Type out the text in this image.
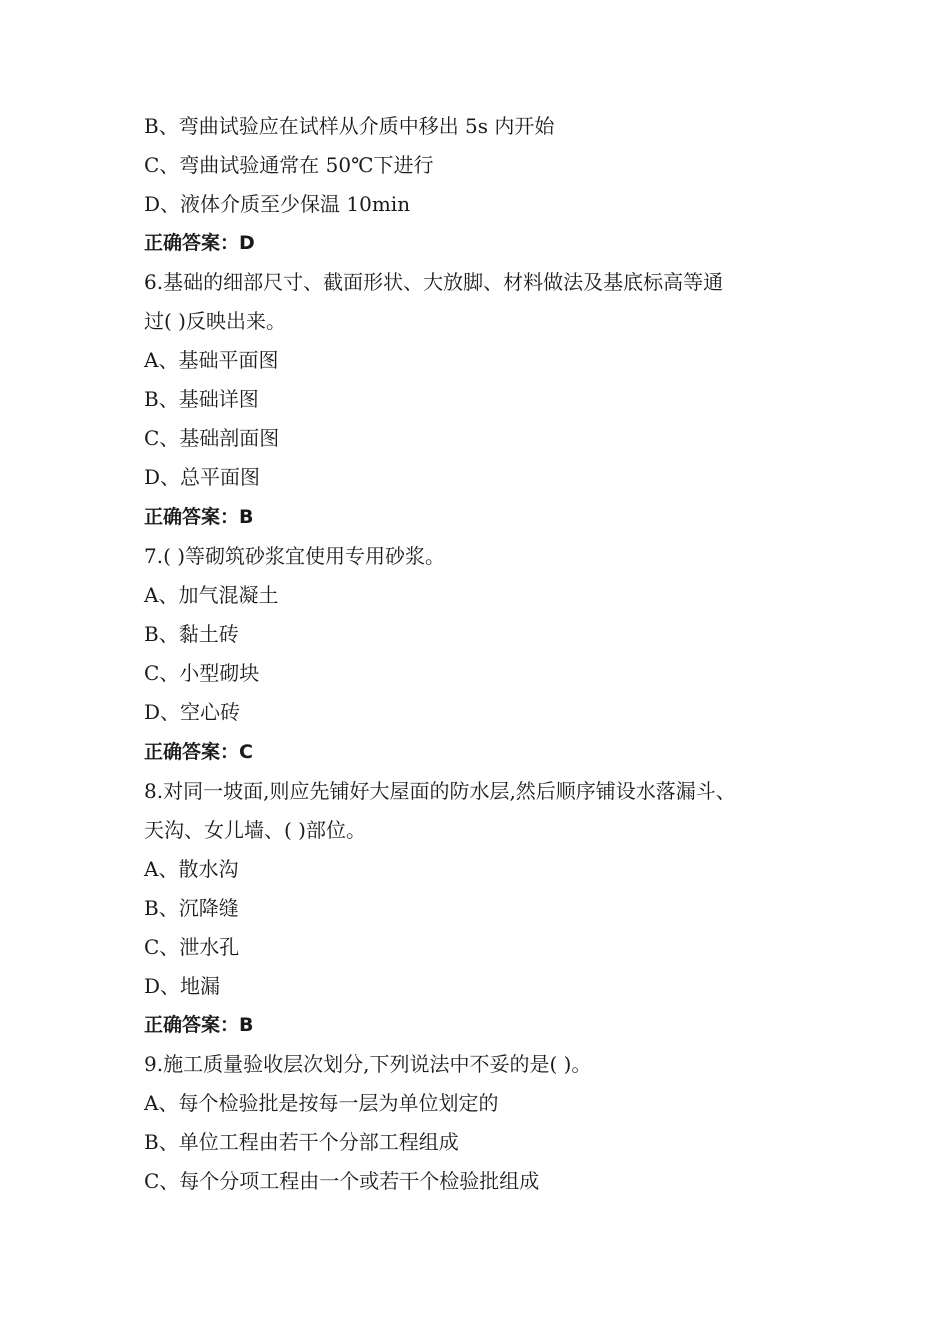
B、弯曲试验应在试样从介质中移出 5s 内开始
C、弯曲试验通常在 50℃下进行
D、液体介质至少保温 10min
正确答案：D
6.基础的细部尺寸、截面形状、大放脚、材料做法及基底标高等通
过( )反映出来。
A、基础平面图
B、基础详图
C、基础剖面图
D、总平面图
正确答案：B
7.( )等砌筑砂浆宜使用专用砂浆。
A、加气混凝土
B、黏土砖
C、小型砌块
D、空心砖
正确答案：C
8.对同一坡面,则应先铺好大屋面的防水层,然后顺序铺设水落漏斗、
天沟、女儿墙、( )部位。
A、散水沟
B、沉降缝
C、泄水孔
D、地漏
正确答案：B
9.施工质量验收层次划分,下列说法中不妥的是( )。
A、每个检验批是按每一层为单位划定的
B、单位工程由若干个分部工程组成
C、每个分项工程由一个或若干个检验批组成
